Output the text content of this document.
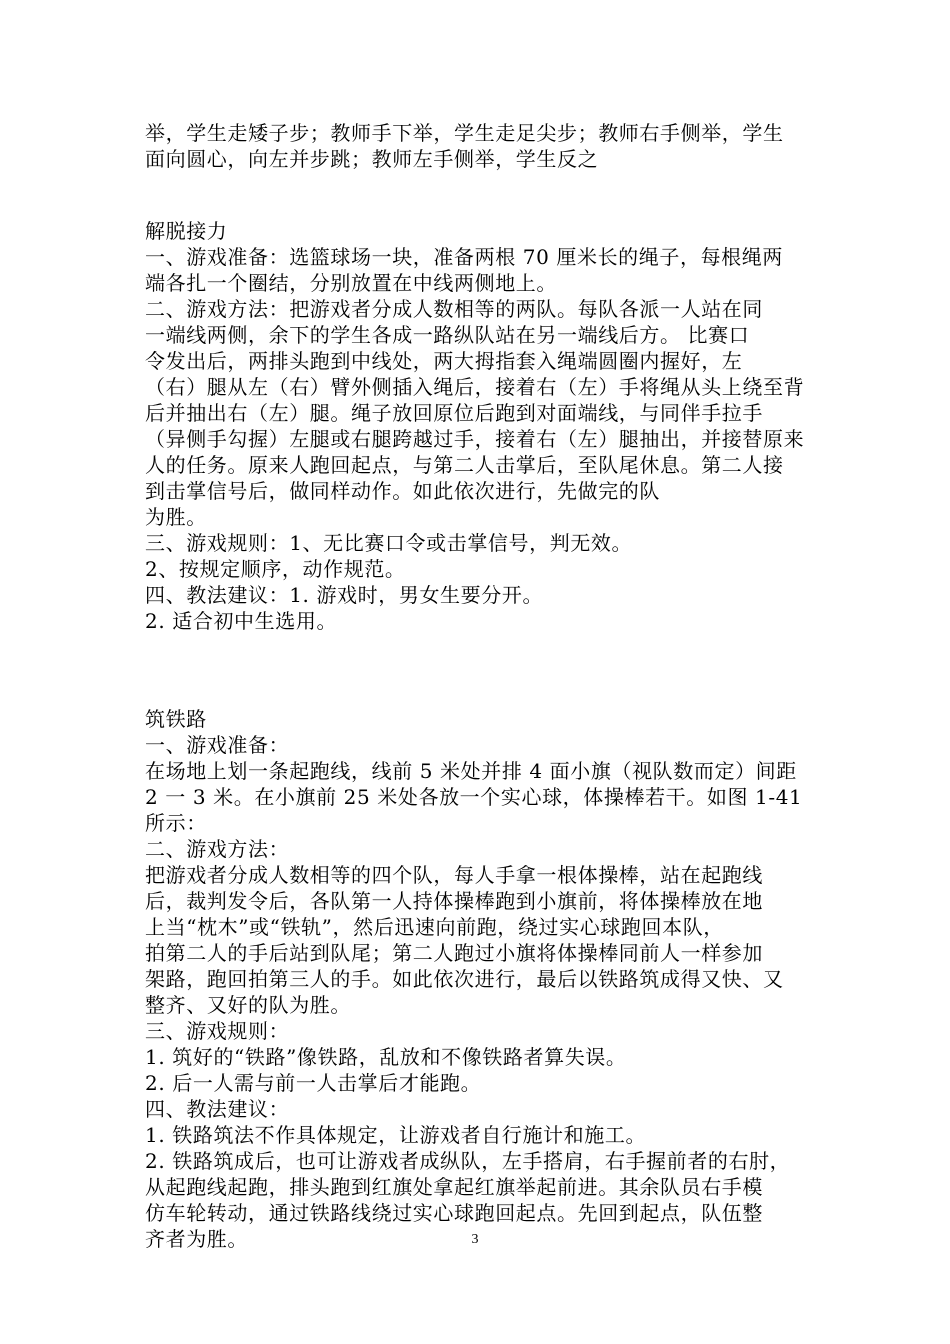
举，学生走矮子步；教师手下举，学生走足尖步；教师右手侧举，学生
面向圆心，向左并步跳；教师左手侧举，学生反之
解脱接力
一、游戏准备：选篮球场一块，准备两根 70 厘米长的绳子，每根绳两
端各扎一个圈结，分别放置在中线两侧地上。
二、游戏方法：把游戏者分成人数相等的两队。每队各派一人站在同
一端线两侧，余下的学生各成一路纵队站在另一端线后方。 比赛口
令发出后，两排头跑到中线处，两大拇指套入绳端圆圈内握好，左
（右）腿从左（右）臂外侧插入绳后，接着右（左）手将绳从头上绕至背
后并抽出右（左）腿。绳子放回原位后跑到对面端线，与同伴手拉手
（异侧手勾握）左腿或右腿跨越过手，接着右（左）腿抽出，并接替原来
人的任务。原来人跑回起点，与第二人击掌后，至队尾休息。第二人接
到击掌信号后，做同样动作。如此依次进行，先做完的队
为胜。
三、游戏规则：1、无比赛口令或击掌信号，判无效。
2、按规定顺序，动作规范。
四、教法建议：1. 游戏时，男女生要分开。
2. 适合初中生选用。
筑铁路
一、游戏准备：
在场地上划一条起跑线，线前 5 米处并排 4 面小旗（视队数而定）间距
2 一 3 米。在小旗前 25 米处各放一个实心球，体操棒若干。如图 1-41
所示：
二、游戏方法：
把游戏者分成人数相等的四个队，每人手拿一根体操棒，站在起跑线
后，裁判发令后，各队第一人持体操棒跑到小旗前，将体操棒放在地
上当“枕木”或“铁轨”，然后迅速向前跑，绕过实心球跑回本队，
拍第二人的手后站到队尾；第二人跑过小旗将体操棒同前人一样参加
架路，跑回拍第三人的手。如此依次进行，最后以铁路筑成得又快、又
整齐、又好的队为胜。
三、游戏规则：
1. 筑好的“铁路”像铁路，乱放和不像铁路者算失误。
2. 后一人需与前一人击掌后才能跑。
四、教法建议：
1. 铁路筑法不作具体规定，让游戏者自行施计和施工。
2. 铁路筑成后，也可让游戏者成纵队，左手搭肩，右手握前者的右肘，
从起跑线起跑，排头跑到红旗处拿起红旗举起前进。其余队员右手模
仿车轮转动，通过铁路线绕过实心球跑回起点。先回到起点，队伍整
齐者为胜。	3
